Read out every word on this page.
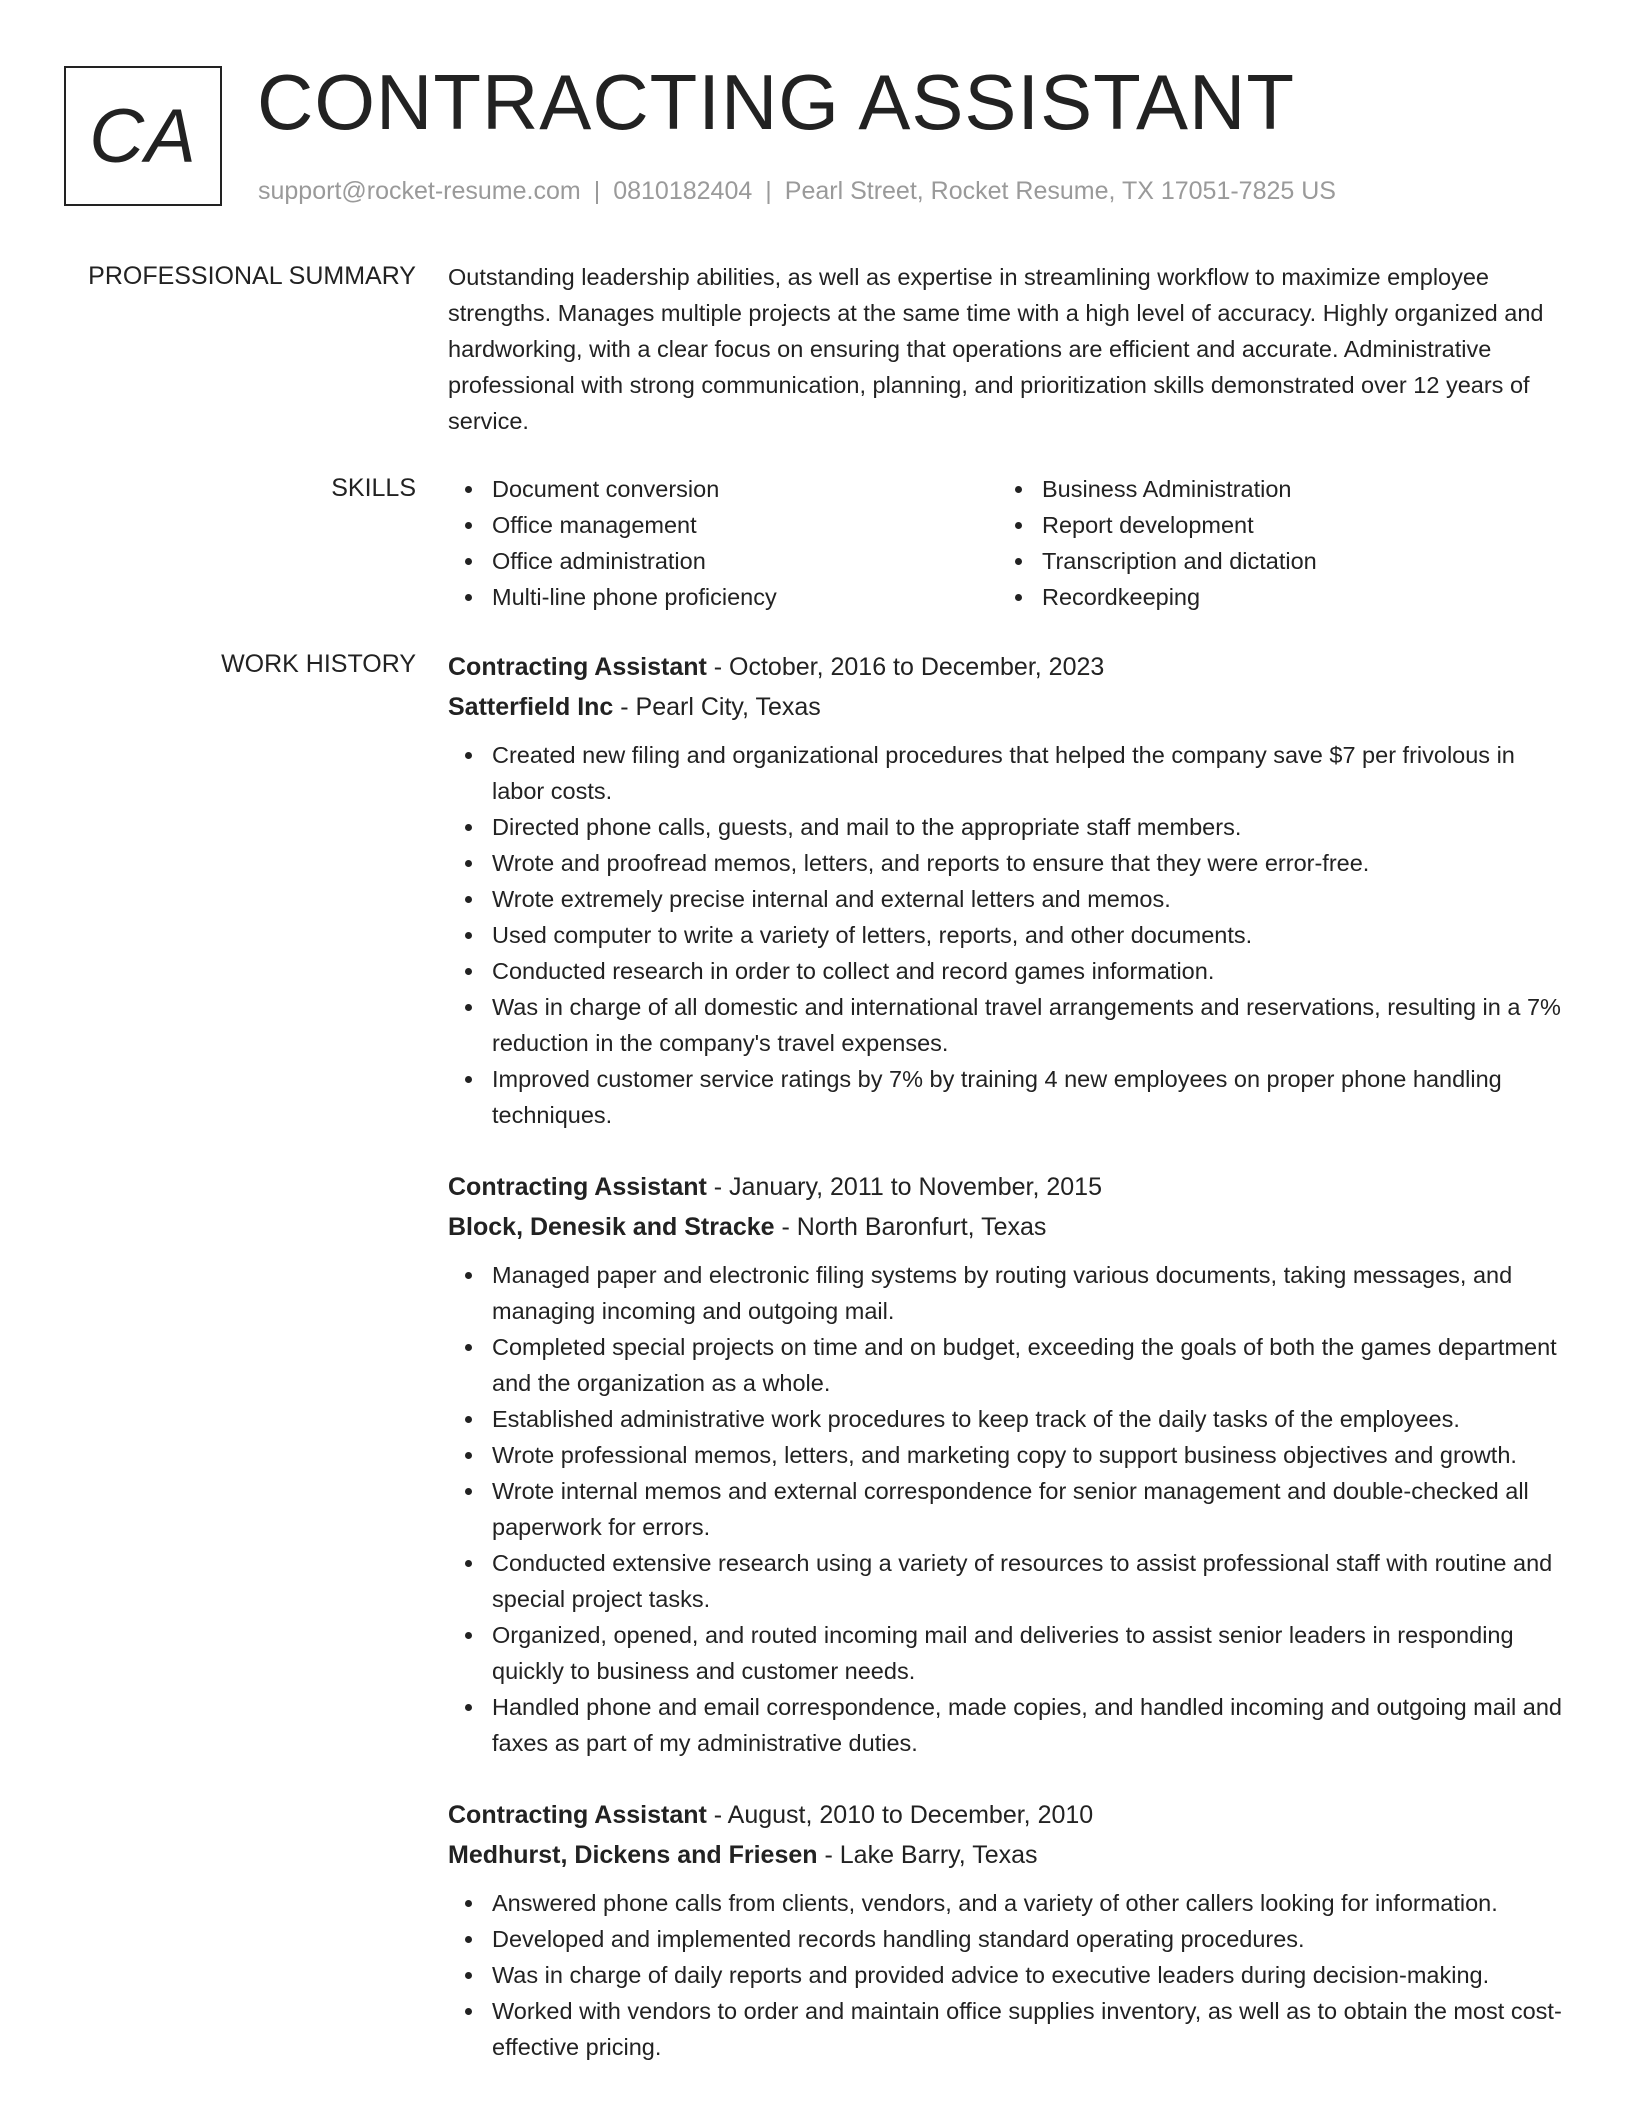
CA CONTRACTING ASSISTANT
support@rocket-resume.com | 0810182404 | Pearl Street, Rocket Resume, TX 17051-7825 US
PROFESSIONAL SUMMARY Outstanding leadership abilities, as well as expertise in streamlining workflow to maximize employee strengths. Manages multiple projects at the same time with a high level of accuracy. Highly organized and hardworking, with a clear focus on ensuring that operations are efficient and accurate. Administrative professional with strong communication, planning, and prioritization skills demonstrated over 12 years of service.

SKILLS	Document conversion
Office management
Office administration
Multi-line phone proficiency
Business Administration
Report development
Transcription and dictation
Recordkeeping
WORK HISTORY Contracting Assistant - October, 2016 to December, 2023
Satterfield Inc - Pearl City, Texas
Created new filing and organizational procedures that helped the company save $7 per frivolous in labor costs.
Directed phone calls, guests, and mail to the appropriate staff members.
Wrote and proofread memos, letters, and reports to ensure that they were error-free.
Wrote extremely precise internal and external letters and memos.
Used computer to write a variety of letters, reports, and other documents.
Conducted research in order to collect and record games information.
Was in charge of all domestic and international travel arrangements and reservations, resulting in a 7% reduction in the company's travel expenses.
Improved customer service ratings by 7% by training 4 new employees on proper phone handling techniques.
Contracting Assistant - January, 2011 to November, 2015
Block, Denesik and Stracke - North Baronfurt, Texas
Managed paper and electronic filing systems by routing various documents, taking messages, and managing incoming and outgoing mail.
Completed special projects on time and on budget, exceeding the goals of both the games department and the organization as a whole.
Established administrative work procedures to keep track of the daily tasks of the employees.
Wrote professional memos, letters, and marketing copy to support business objectives and growth.
Wrote internal memos and external correspondence for senior management and double-checked all paperwork for errors.
Conducted extensive research using a variety of resources to assist professional staff with routine and special project tasks.
Organized, opened, and routed incoming mail and deliveries to assist senior leaders in responding quickly to business and customer needs.
Handled phone and email correspondence, made copies, and handled incoming and outgoing mail and faxes as part of my administrative duties.
Contracting Assistant - August, 2010 to December, 2010
Medhurst, Dickens and Friesen - Lake Barry, Texas
Answered phone calls from clients, vendors, and a variety of other callers looking for information.
Developed and implemented records handling standard operating procedures.
Was in charge of daily reports and provided advice to executive leaders during decision-making.
Worked with vendors to order and maintain office supplies inventory, as well as to obtain the most cost-effective pricing.
